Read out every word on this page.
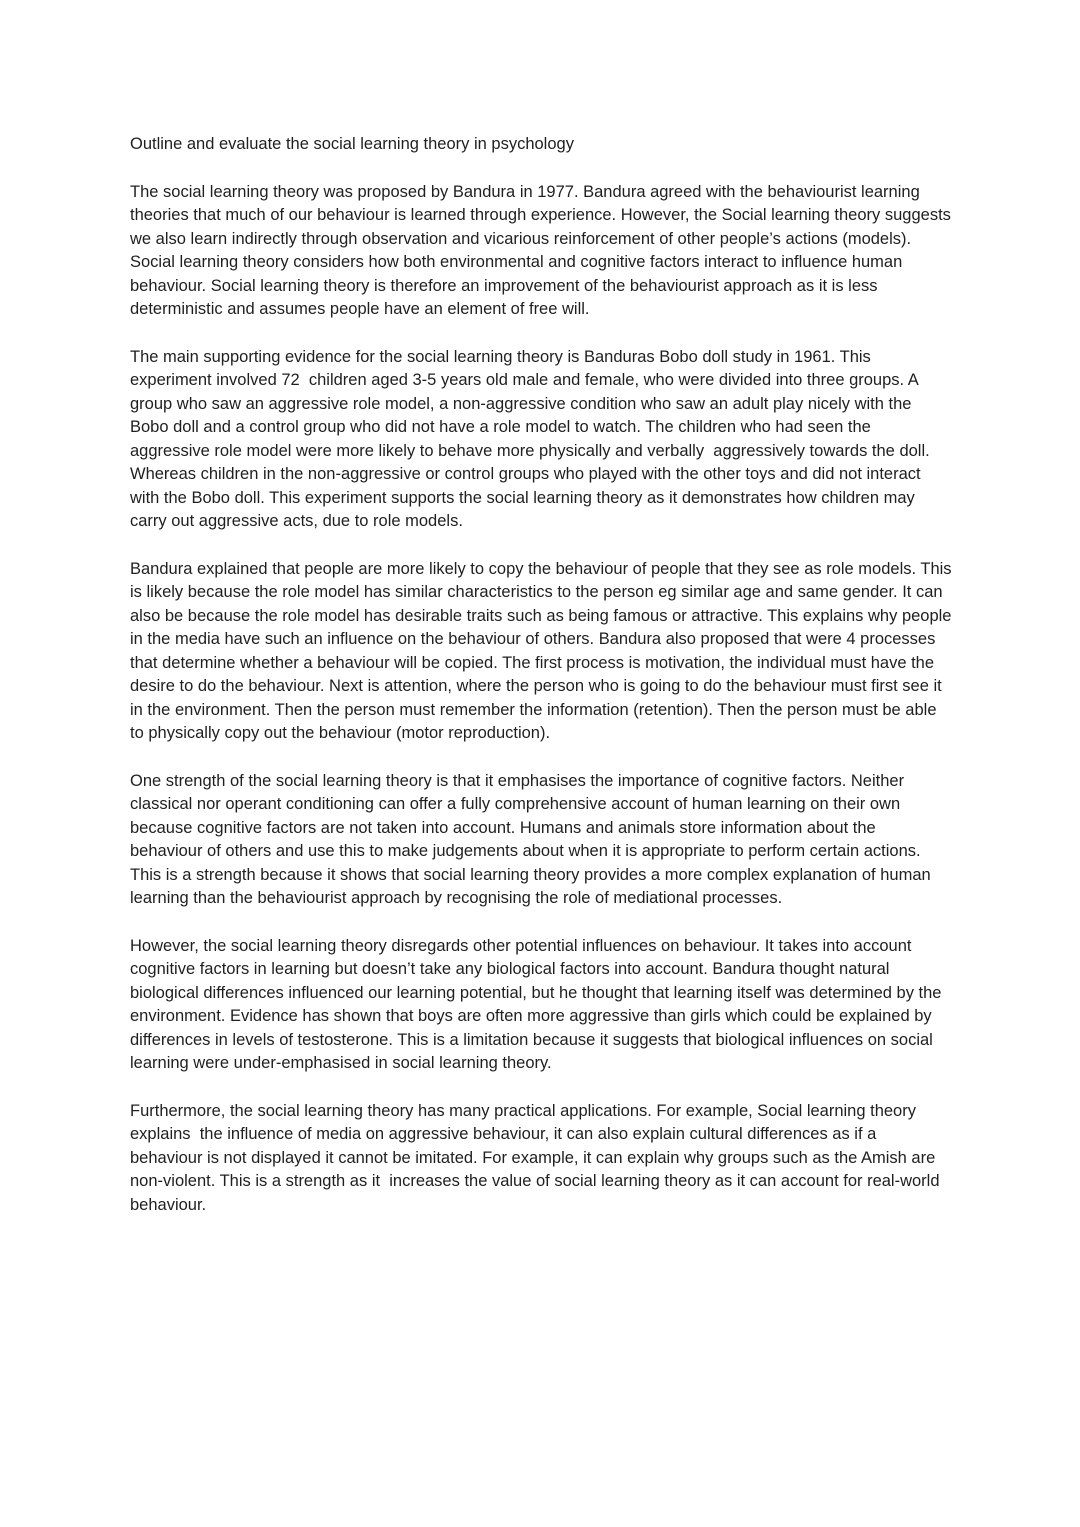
Outline and evaluate the social learning theory in psychology

The social learning theory was proposed by Bandura in 1977. Bandura agreed with the behaviourist learning theories that much of our behaviour is learned through experience. However, the Social learning theory suggests we also learn indirectly through observation and vicarious reinforcement of other people’s actions (models). Social learning theory considers how both environmental and cognitive factors interact to influence human behaviour. Social learning theory is therefore an improvement of the behaviourist approach as it is less deterministic and assumes people have an element of free will.

The main supporting evidence for the social learning theory is Banduras Bobo doll study in 1961. This experiment involved 72  children aged 3-5 years old male and female, who were divided into three groups. A group who saw an aggressive role model, a non-aggressive condition who saw an adult play nicely with the Bobo doll and a control group who did not have a role model to watch. The children who had seen the aggressive role model were more likely to behave more physically and verbally  aggressively towards the doll. Whereas children in the non-aggressive or control groups who played with the other toys and did not interact with the Bobo doll. This experiment supports the social learning theory as it demonstrates how children may carry out aggressive acts, due to role models.

Bandura explained that people are more likely to copy the behaviour of people that they see as role models. This is likely because the role model has similar characteristics to the person eg similar age and same gender. It can also be because the role model has desirable traits such as being famous or attractive. This explains why people in the media have such an influence on the behaviour of others. Bandura also proposed that were 4 processes that determine whether a behaviour will be copied. The first process is motivation, the individual must have the desire to do the behaviour. Next is attention, where the person who is going to do the behaviour must first see it in the environment. Then the person must remember the information (retention). Then the person must be able to physically copy out the behaviour (motor reproduction).

One strength of the social learning theory is that it emphasises the importance of cognitive factors. Neither classical nor operant conditioning can offer a fully comprehensive account of human learning on their own because cognitive factors are not taken into account. Humans and animals store information about the behaviour of others and use this to make judgements about when it is appropriate to perform certain actions. This is a strength because it shows that social learning theory provides a more complex explanation of human learning than the behaviourist approach by recognising the role of mediational processes.

However, the social learning theory disregards other potential influences on behaviour. It takes into account cognitive factors in learning but doesn’t take any biological factors into account. Bandura thought natural biological differences influenced our learning potential, but he thought that learning itself was determined by the environment. Evidence has shown that boys are often more aggressive than girls which could be explained by differences in levels of testosterone. This is a limitation because it suggests that biological influences on social learning were under-emphasised in social learning theory.

Furthermore, the social learning theory has many practical applications. For example, Social learning theory explains  the influence of media on aggressive behaviour, it can also explain cultural differences as if a behaviour is not displayed it cannot be imitated. For example, it can explain why groups such as the Amish are non-violent. This is a strength as it  increases the value of social learning theory as it can account for real-world behaviour.
